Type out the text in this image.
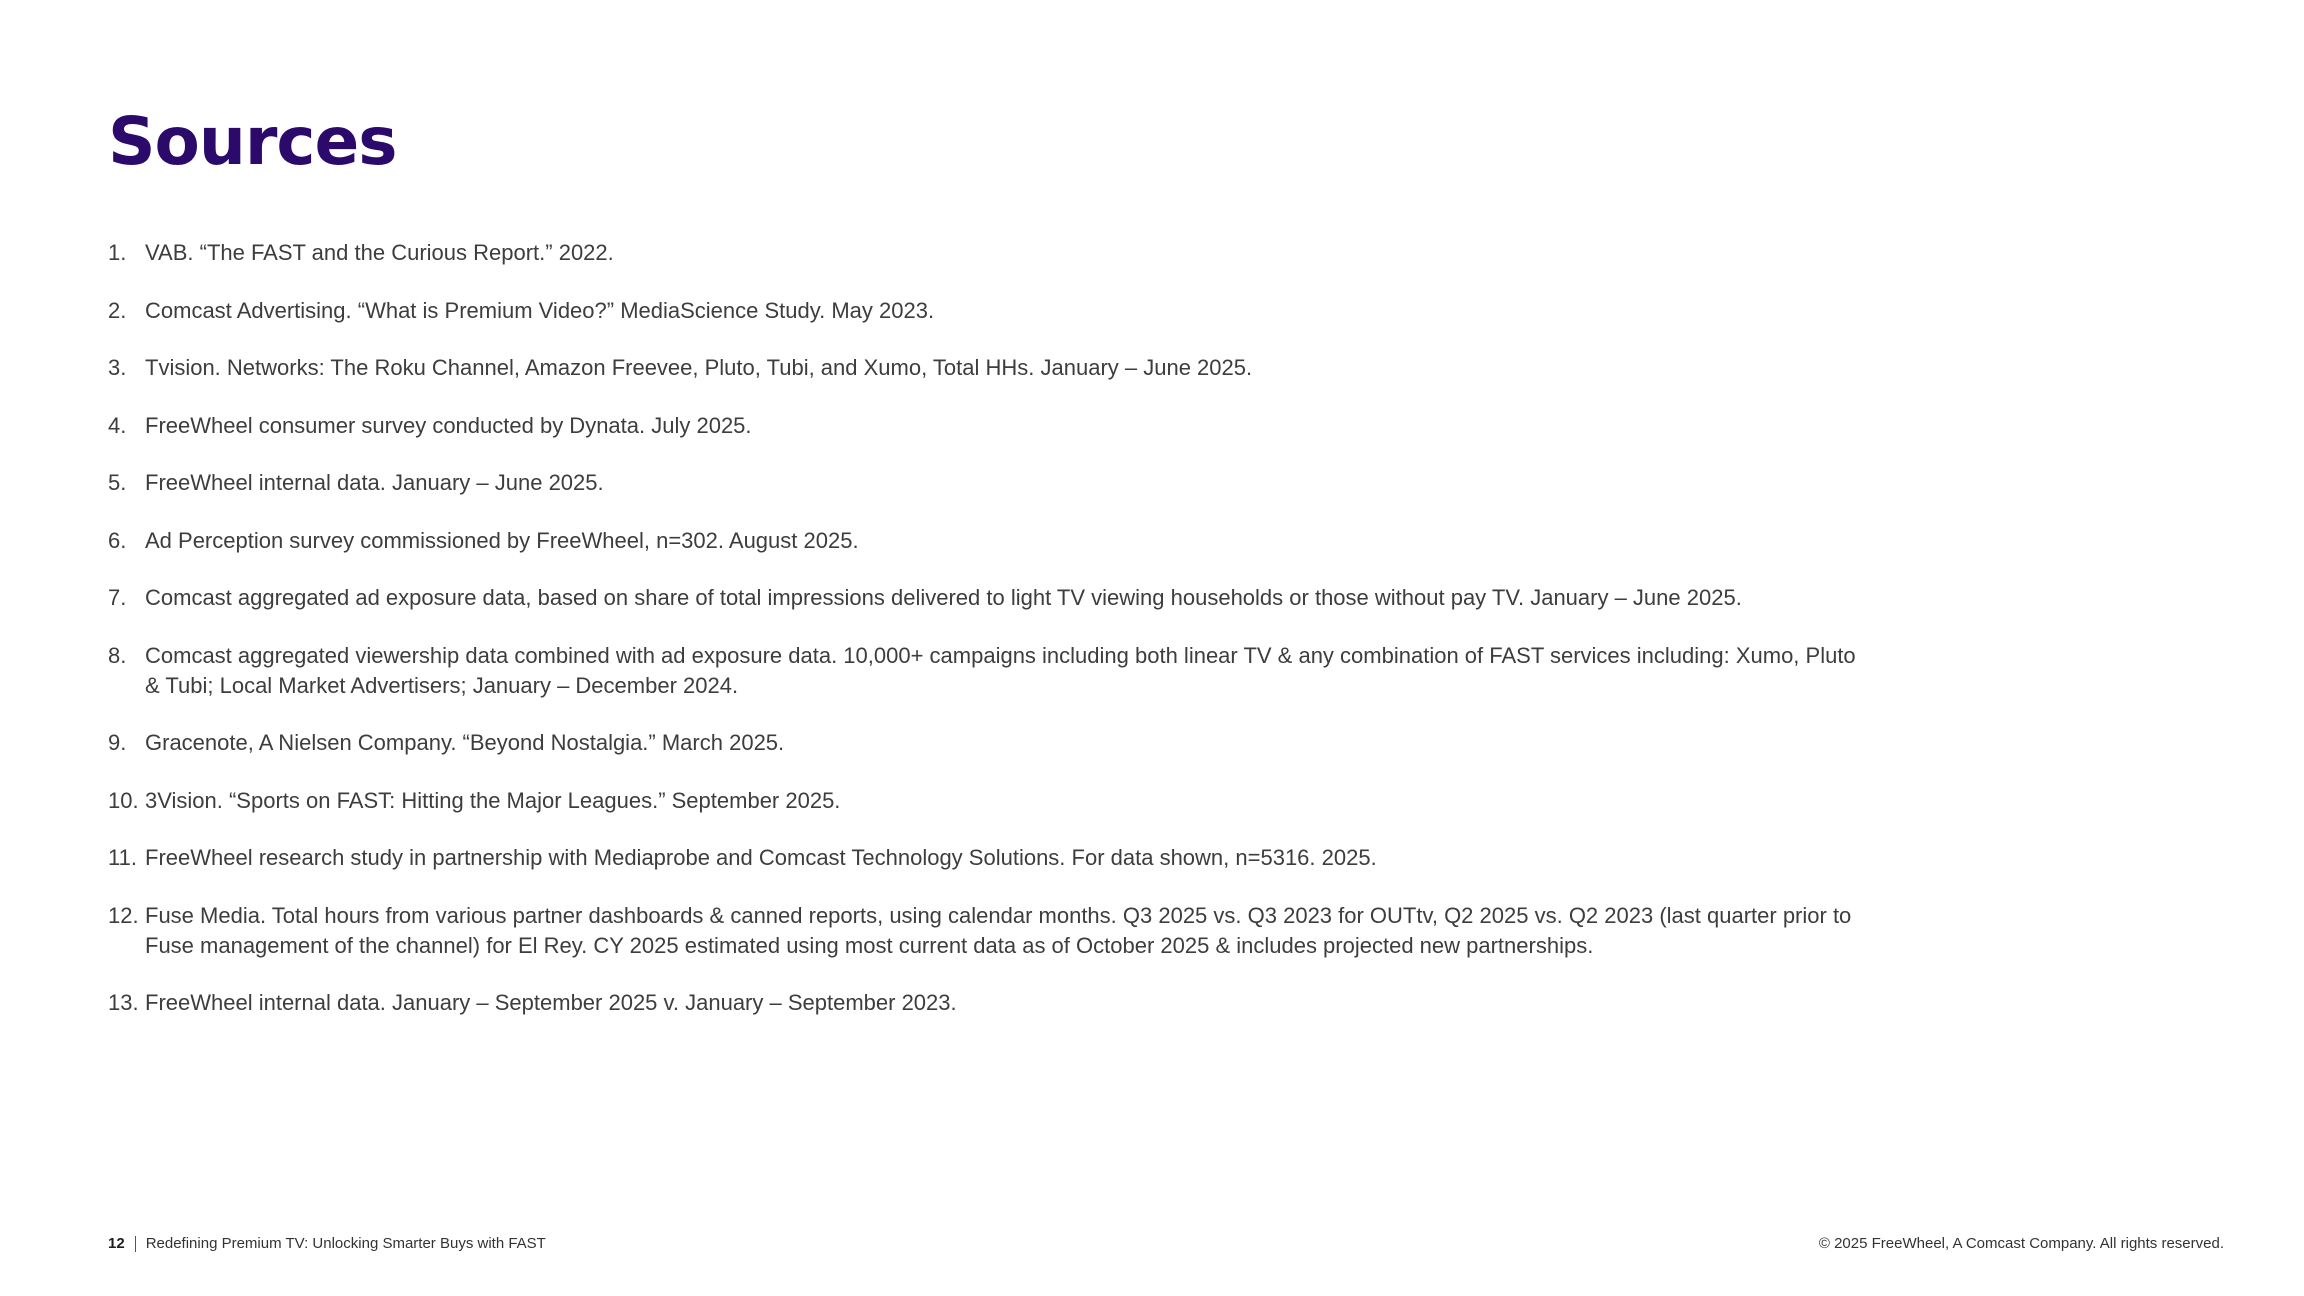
Sources
1. VAB. “The FAST and the Curious Report.” 2022.
2. Comcast Advertising. “What is Premium Video?” MediaScience Study. May 2023.
3. Tvision. Networks: The Roku Channel, Amazon Freevee, Pluto, Tubi, and Xumo, Total HHs. January – June 2025.
4. FreeWheel consumer survey conducted by Dynata. July 2025.
5. FreeWheel internal data. January – June 2025.
6. Ad Perception survey commissioned by FreeWheel, n=302. August 2025.
7. Comcast aggregated ad exposure data, based on share of total impressions delivered to light TV viewing households or those without pay TV. January – June 2025.
8. Comcast aggregated viewership data combined with ad exposure data. 10,000+ campaigns including both linear TV & any combination of FAST services including: Xumo, Pluto & Tubi; Local Market Advertisers; January – December 2024.
9. Gracenote, A Nielsen Company. “Beyond Nostalgia.” March 2025.
10. 3Vision. “Sports on FAST: Hitting the Major Leagues.” September 2025.
11. FreeWheel research study in partnership with Mediaprobe and Comcast Technology Solutions. For data shown, n=5316. 2025.
12. Fuse Media. Total hours from various partner dashboards & canned reports, using calendar months. Q3 2025 vs. Q3 2023 for OUTtv, Q2 2025 vs. Q2 2023 (last quarter prior to Fuse management of the channel) for El Rey. CY 2025 estimated using most current data as of October 2025 & includes projected new partnerships.
13. FreeWheel internal data. January – September 2025 v. January – September 2023.
12 Redefining Premium TV: Unlocking Smarter Buys with FAST	© 2025 FreeWheel, A Comcast Company. All rights reserved.
